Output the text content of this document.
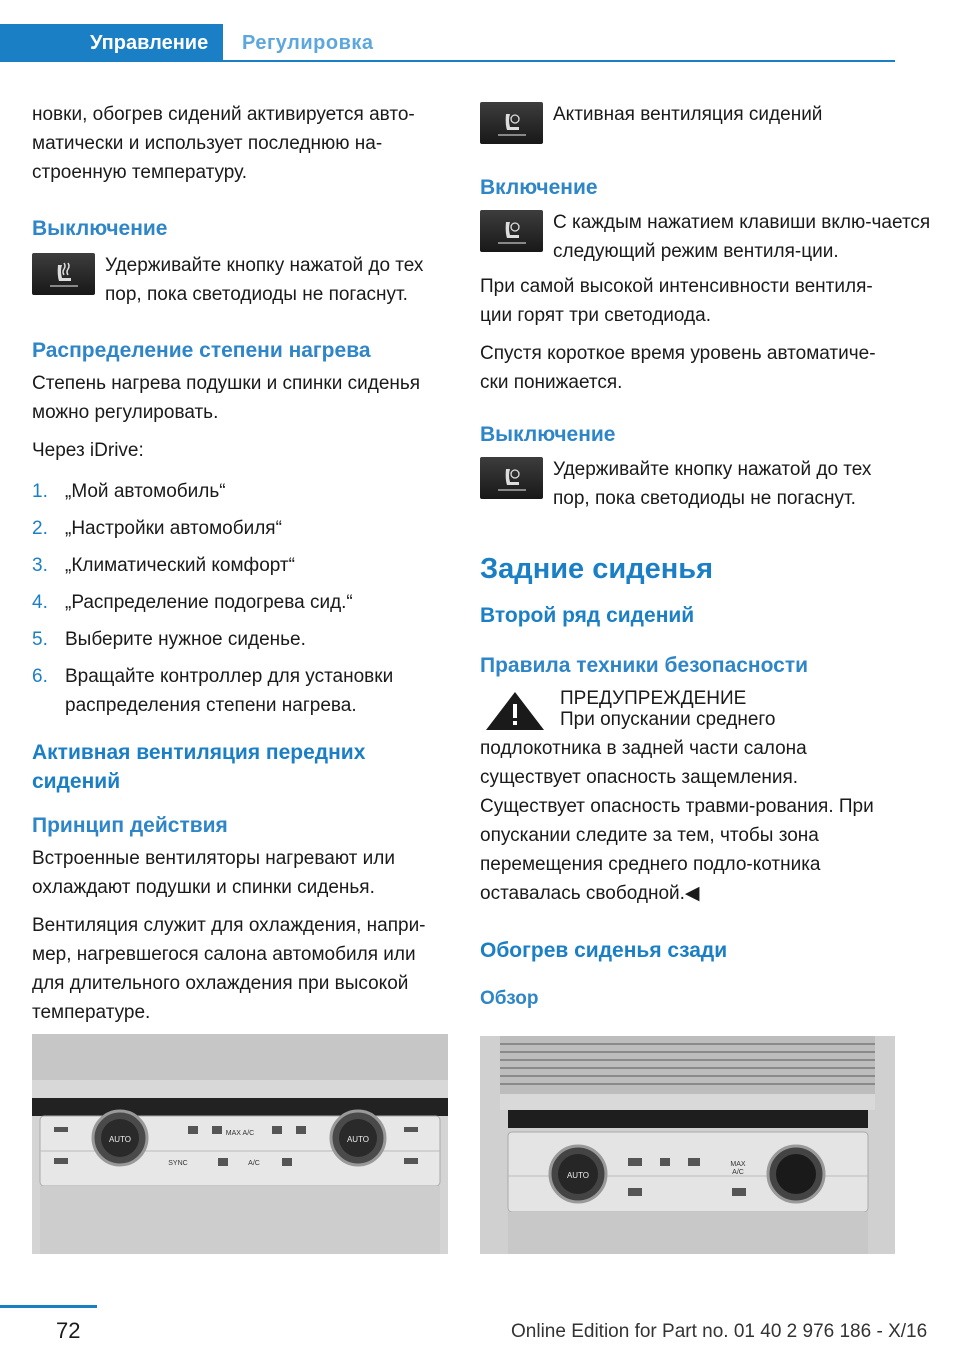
Управление	Регулировка

новки, обогрев сидений активируется авто-матически и использует последнюю на-строенную температуру.

Выключение

Удерживайте кнопку нажатой до тех пор, пока светодиоды не погаснут.

Распределение степени нагрева

Степень нагрева подушки и спинки сиденья можно регулировать.

Через iDrive:

1. „Мой автомобиль“
2. „Настройки автомобиля“
3. „Климатический комфорт“
4. „Распределение подогрева сид.“
5. Выберите нужное сиденье.
6. Вращайте контроллер для установки распределения степени нагрева.

Активная вентиляция передних сидений

Принцип действия

Встроенные вентиляторы нагревают или охлаждают подушки и спинки сиденья.

Вентиляция служит для охлаждения, напри-мер, нагревшегося салона автомобиля или для длительного охлаждения при высокой температуре.

AUTO	AUTO
MAX A/C
SYNC	A/C

Активная вентиляция сидений

Включение

С каждым нажатием клавиши вклю-чается следующий режим вентиля-ции.

При самой высокой интенсивности вентиля-ции горят три светодиода.

Спустя короткое время уровень автоматиче-ски понижается.

Выключение

Удерживайте кнопку нажатой до тех пор, пока светодиоды не погаснут.

Задние сиденья

Второй ряд сидений

Правила техники безопасности

ПРЕДУПРЕЖДЕНИЕ

При опускании среднего подлокотника в задней части салона существует опасность защемления. Существует опасность травми-рования. При опускании следите за тем, чтобы зона перемещения среднего подло-котника оставалась свободной.◀

Обогрев сиденья сзади

Обзор

AUTO
MAX
A/C
72	Online Edition for Part no. 01 40 2 976 186 - X/16
